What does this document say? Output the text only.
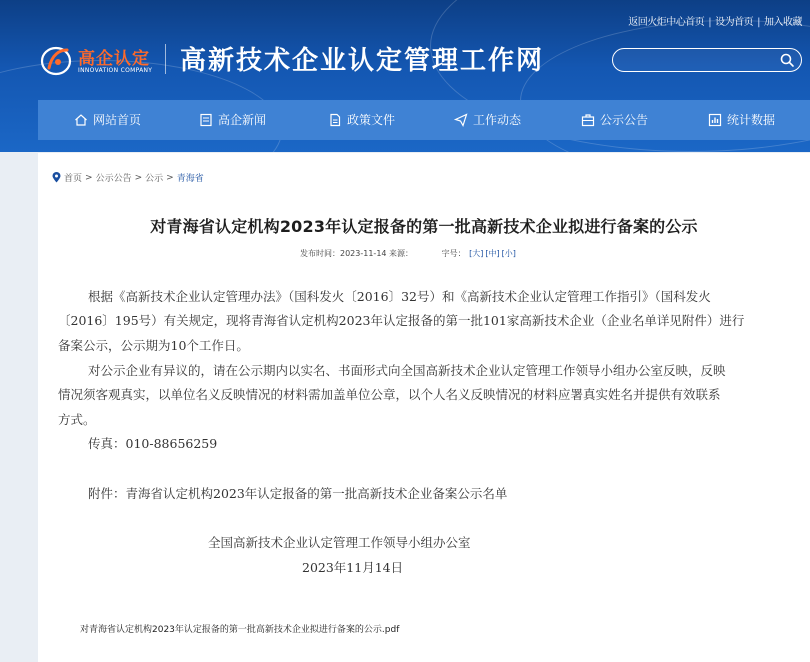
返回火炬中心首页 | 设为首页 | 加入收藏
高企认定
INNOVATION COMPANY 高新技术企业认定管理工作网
网站首页	高企新闻	政策文件	工作动态	公示公告	统计数据
首页 > 公示公告 > 公示 > 青海省
对青海省认定机构2023年认定报备的第一批高新技术企业拟进行备案的公示
发布时间：2023-11-14 来源：	字号： [大] [中] [小]
根据《高新技术企业认定管理办法》（国科发火〔2016〕32号）和《高新技术企业认定管理工作指引》（国科发火
〔2016〕195号）有关规定，现将青海省认定机构2023年认定报备的第一批101家高新技术企业（企业名单详见附件）进行
备案公示，公示期为10个工作日。
对公示企业有异议的，请在公示期内以实名、书面形式向全国高新技术企业认定管理工作领导小组办公室反映，反映
情况须客观真实，以单位名义反映情况的材料需加盖单位公章，以个人名义反映情况的材料应署真实姓名并提供有效联系
方式。
传真：010-88656259
附件：青海省认定机构2023年认定报备的第一批高新技术企业备案公示名单
全国高新技术企业认定管理工作领导小组办公室
2023年11月14日
对青海省认定机构2023年认定报备的第一批高新技术企业拟进行备案的公示.pdf
